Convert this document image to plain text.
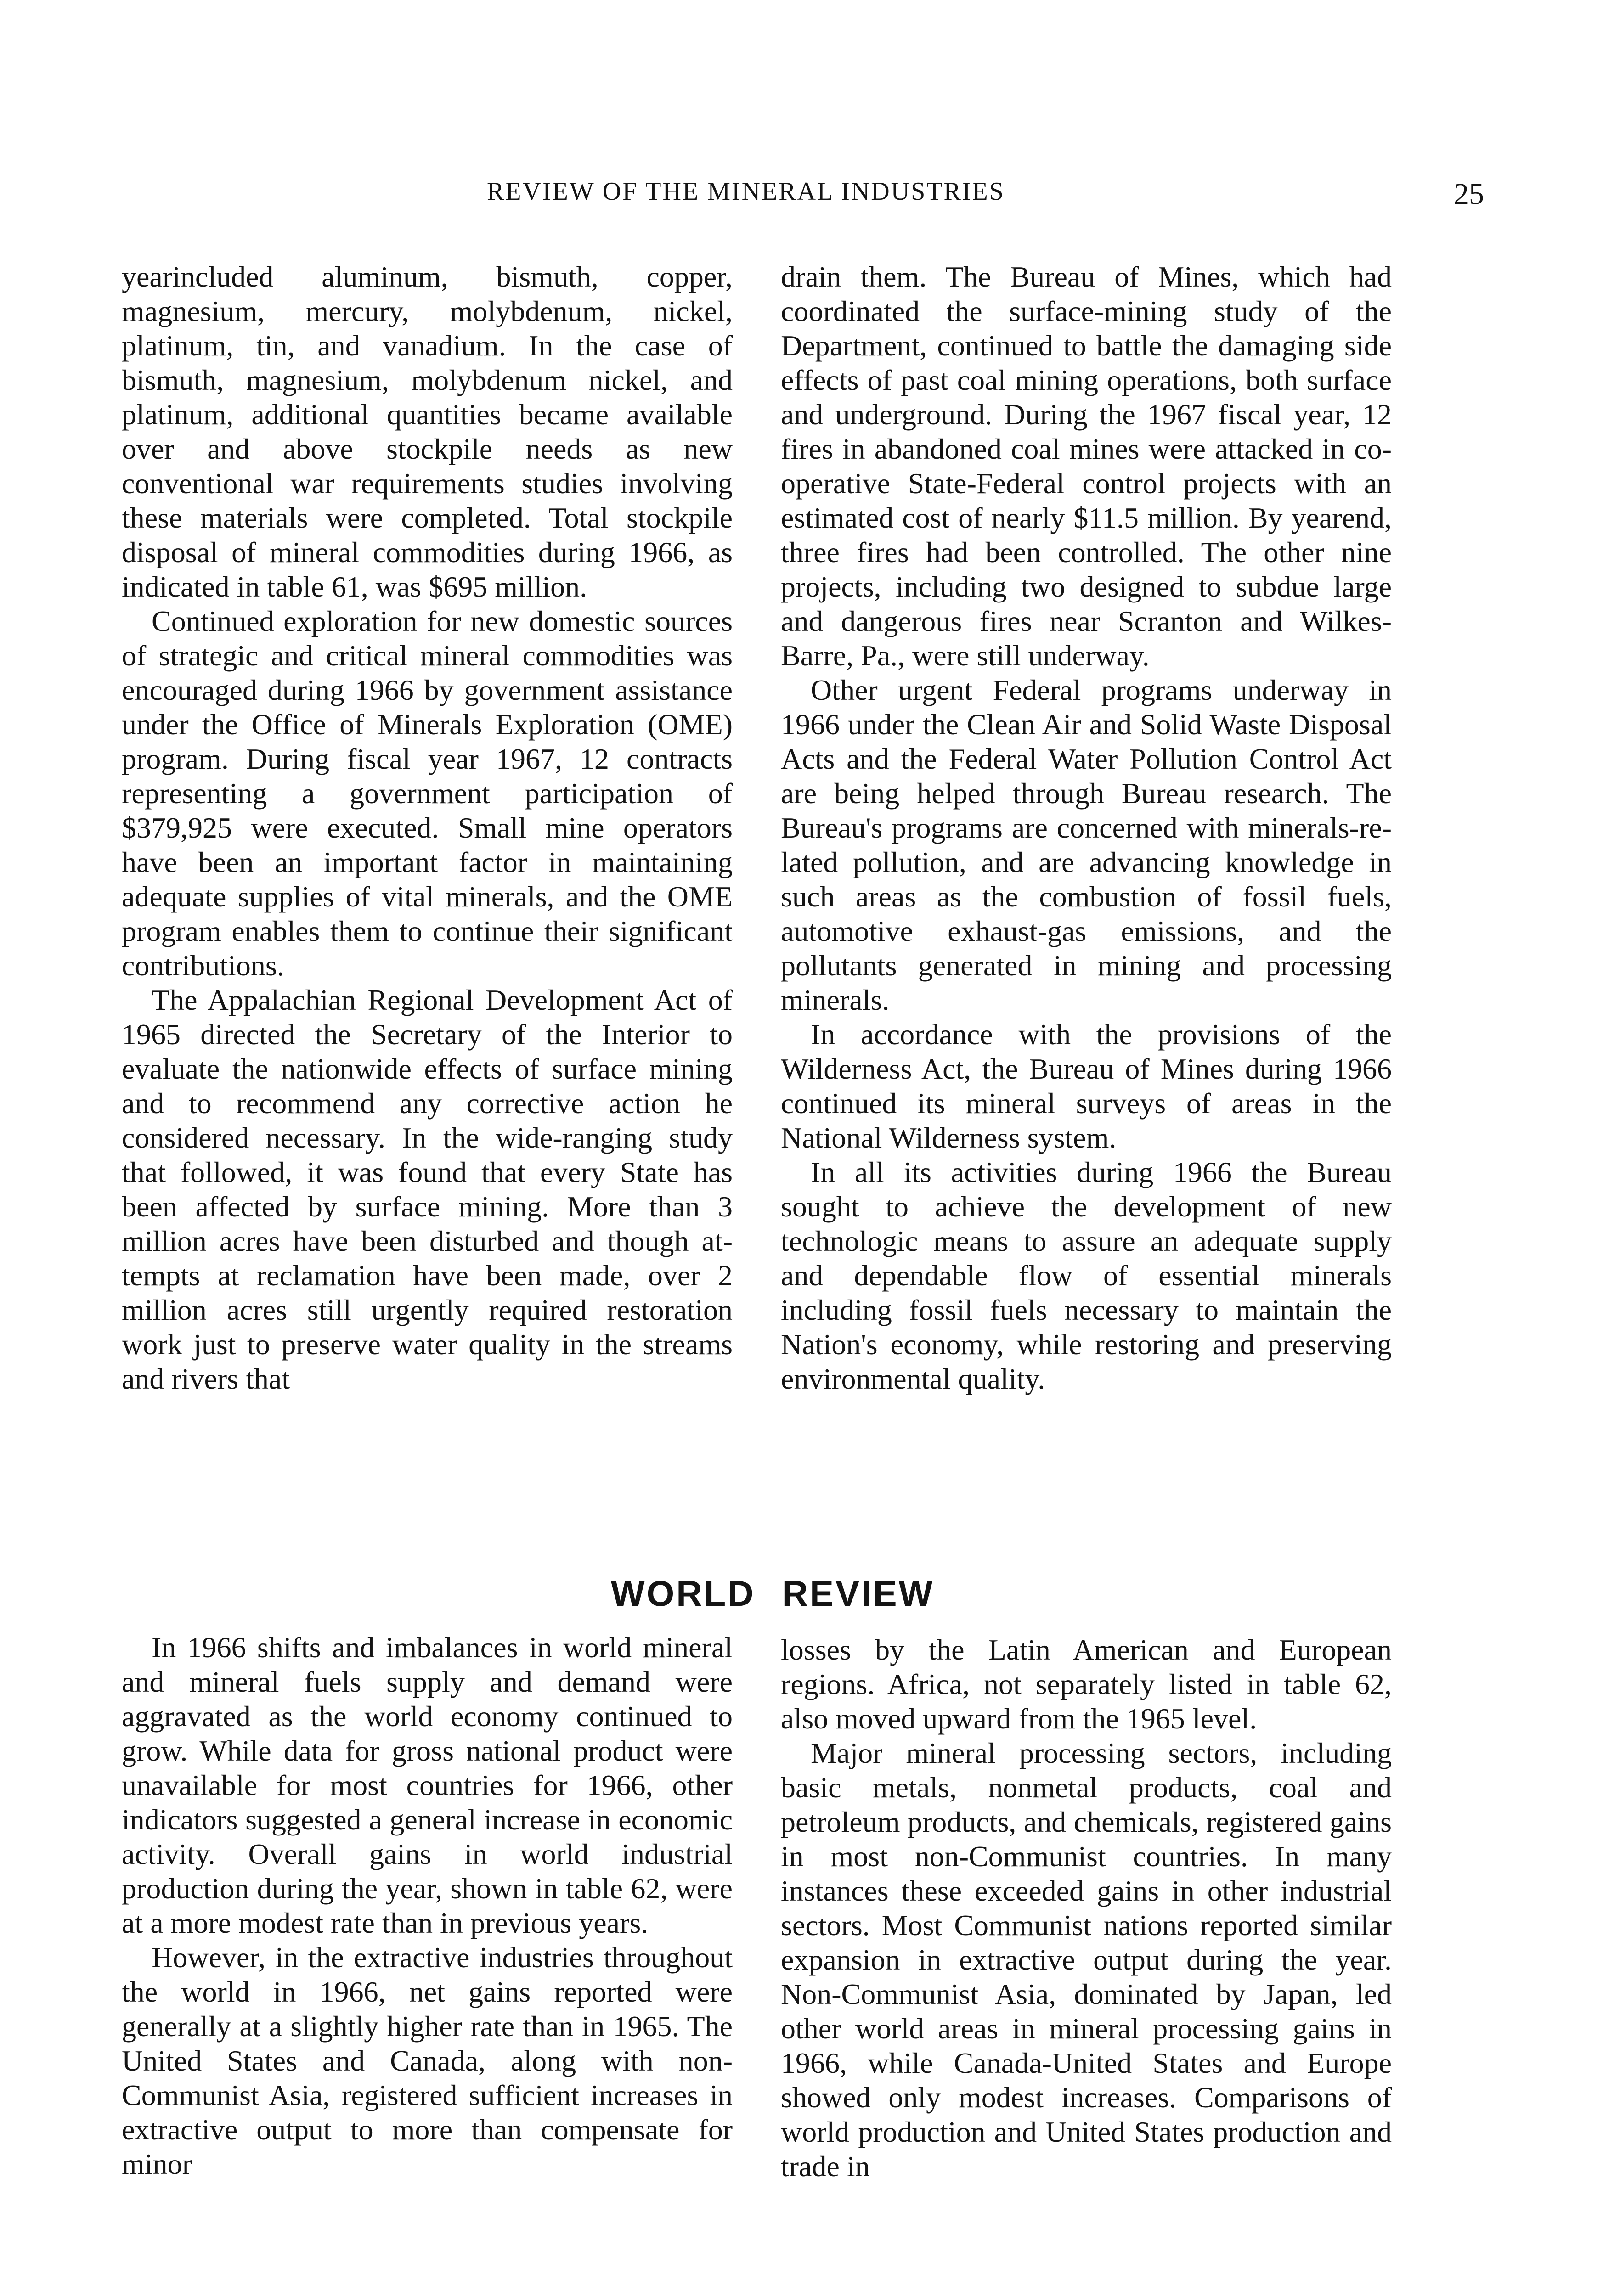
REVIEW OF THE MINERAL INDUSTRIES	25

yearincluded aluminum, bismuth, copper, magnesium, mercury, molybdenum, nickel, platinum, tin, and vanadium. In the case of bismuth, magnesium, molybdenum nickel, and platinum, additional quantities became available over and above stockpile needs as new conventional war requirements studies involving these materials were completed. Total stockpile disposal of mineral commodities during 1966, as indicated in table 61, was $695 million.

Continued exploration for new domestic sources of strategic and critical mineral commodities was encouraged during 1966 by government assistance under the Office of Minerals Exploration (OME) program. During fiscal year 1967, 12 contracts representing a government participation of $379,925 were executed. Small mine operators have been an important factor in maintaining adequate supplies of vital minerals, and the OME program enables them to continue their significant contributions.

The Appalachian Regional Development Act of 1965 directed the Secretary of the Interior to evaluate the nationwide effects of surface mining and to recommend any corrective action he considered necessary. In the wide-ranging study that followed, it was found that every State has been affected by surface mining. More than 3 million acres have been disturbed and though attempts at reclamation have been made, over 2 million acres still urgently required restoration work just to preserve water quality in the streams and rivers that

drain them. The Bureau of Mines, which had coordinated the surface-mining study of the Department, continued to battle the damaging side effects of past coal mining operations, both surface and underground. During the 1967 fiscal year, 12 fires in abandoned coal mines were attacked in cooperative State-Federal control projects with an estimated cost of nearly $11.5 million. By yearend, three fires had been controlled. The other nine projects, including two designed to subdue large and dangerous fires near Scranton and Wilkes-Barre, Pa., were still underway.

Other urgent Federal programs underway in 1966 under the Clean Air and Solid Waste Disposal Acts and the Federal Water Pollution Control Act are being helped through Bureau research. The Bureau's programs are concerned with minerals-related pollution, and are advancing knowledge in such areas as the combustion of fossil fuels, automotive exhaust-gas emissions, and the pollutants generated in mining and processing minerals.

In accordance with the provisions of the Wilderness Act, the Bureau of Mines during 1966 continued its mineral surveys of areas in the National Wilderness system.

In all its activities during 1966 the Bureau sought to achieve the development of new technologic means to assure an adequate supply and dependable flow of essential minerals including fossil fuels necessary to maintain the Nation's economy, while restoring and preserving environmental quality.

WORLD REVIEW

In 1966 shifts and imbalances in world mineral and mineral fuels supply and demand were aggravated as the world economy continued to grow. While data for gross national product were unavailable for most countries for 1966, other indicators suggested a general increase in economic activity. Overall gains in world industrial production during the year, shown in table 62, were at a more modest rate than in previous years.

However, in the extractive industries throughout the world in 1966, net gains reported were generally at a slightly higher rate than in 1965. The United States and Canada, along with non-Communist Asia, registered sufficient increases in extractive output to more than compensate for minor

losses by the Latin American and European regions. Africa, not separately listed in table 62, also moved upward from the 1965 level.

Major mineral processing sectors, including basic metals, nonmetal products, coal and petroleum products, and chemicals, registered gains in most non-Communist countries. In many instances these exceeded gains in other industrial sectors. Most Communist nations reported similar expansion in extractive output during the year. Non-Communist Asia, dominated by Japan, led other world areas in mineral processing gains in 1966, while Canada-United States and Europe showed only modest increases. Comparisons of world production and United States production and trade in
